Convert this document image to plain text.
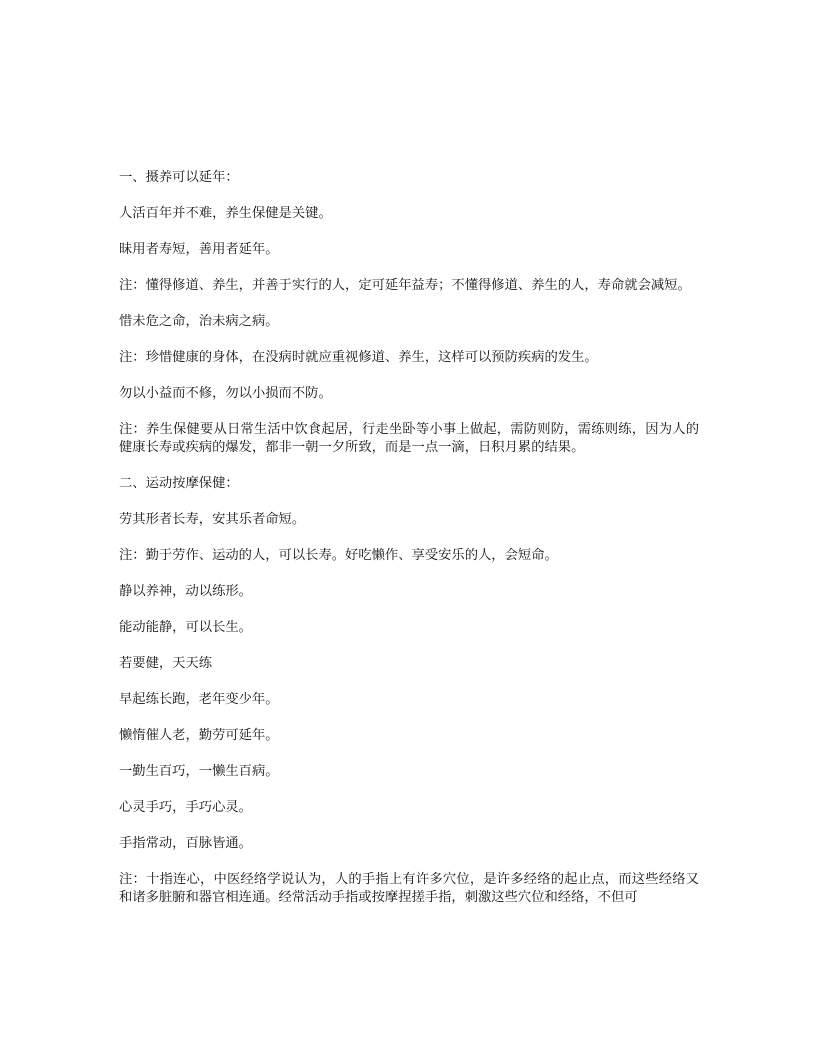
一、摄养可以延年：

人活百年并不难，养生保健是关键。

昧用者寿短，善用者延年。

注：懂得修道、养生，并善于实行的人，定可延年益寿；不懂得修道、养生的人，寿命就会减短。

惜未危之命，治未病之病。

注：珍惜健康的身体，在没病时就应重视修道、养生，这样可以预防疾病的发生。

勿以小益而不修，勿以小损而不防。

注：养生保健要从日常生活中饮食起居，行走坐卧等小事上做起，需防则防，需练则练，因为人的健康长寿或疾病的爆发，都非一朝一夕所致，而是一点一滴，日积月累的结果。

二、运动按摩保健：

劳其形者长寿，安其乐者命短。

注：勤于劳作、运动的人，可以长寿。好吃懒作、享受安乐的人，会短命。

静以养神，动以练形。

能动能静，可以长生。

若要健，天天练

早起练长跑，老年变少年。

懒惰催人老，勤劳可延年。

一勤生百巧，一懒生百病。

心灵手巧，手巧心灵。

手指常动，百脉皆通。

注：十指连心，中医经络学说认为，人的手指上有许多穴位，是许多经络的起止点，而这些经络又和诸多脏腑和器官相连通。经常活动手指或按摩捏搓手指，刺激这些穴位和经络，不但可
